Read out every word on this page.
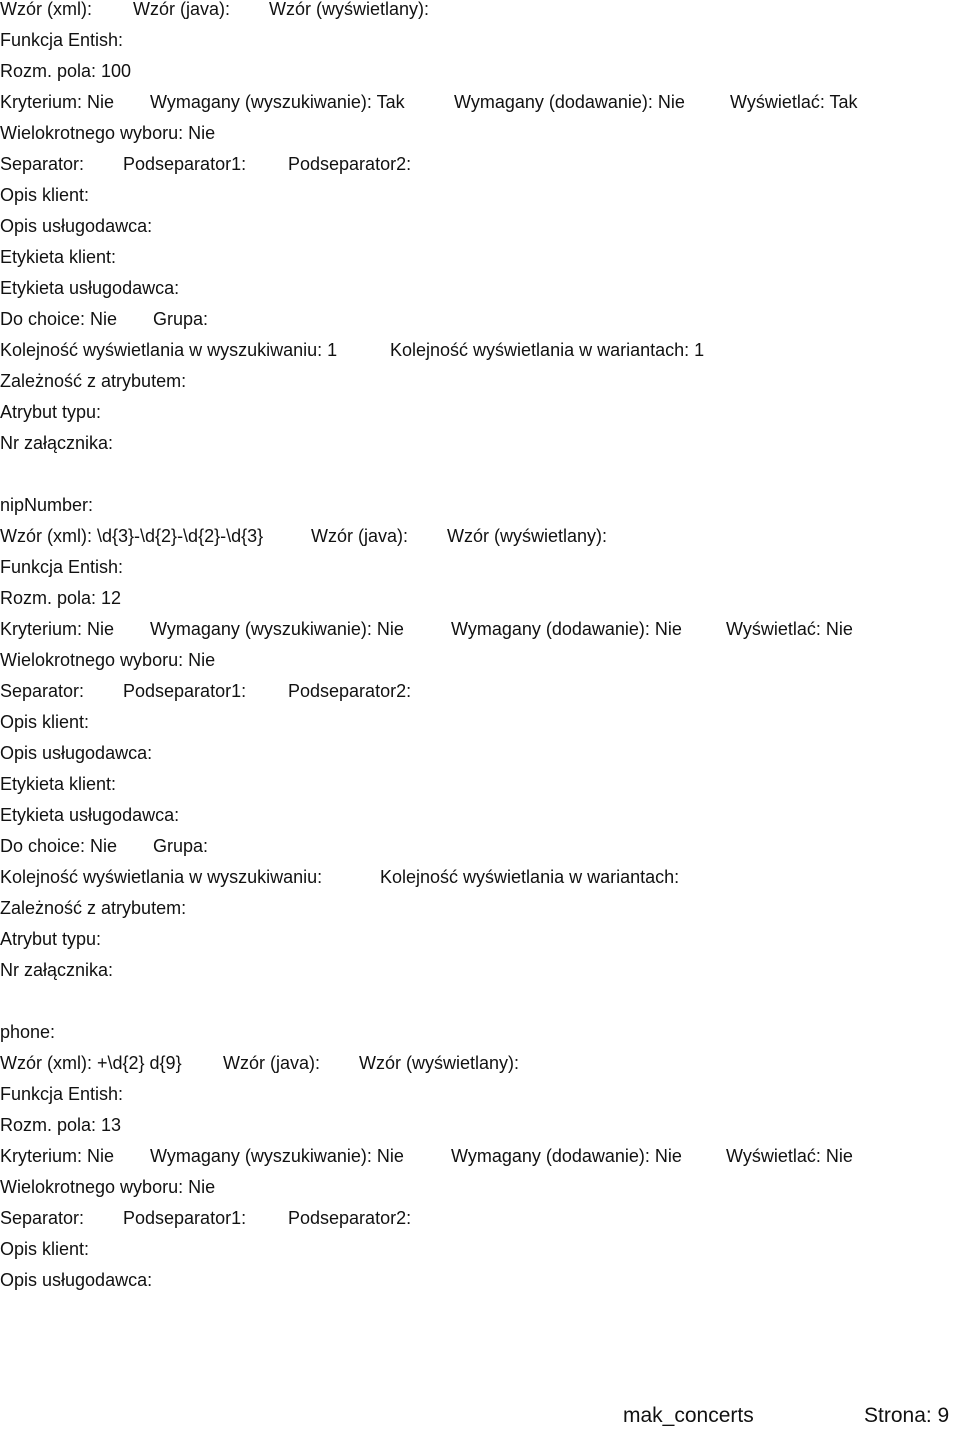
Wzór (xml): Wzór (java): Wzór (wyświetlany):
Funkcja Entish:
Rozm. pola: 100
Kryterium: Nie Wymagany (wyszukiwanie): Tak	Wymagany (dodawanie): Nie	Wyświetlać: Tak
Wielokrotnego wyboru: Nie
Separator: Podseparator1: Podseparator2:
Opis klient:
Opis usługodawca:
Etykieta klient:
Etykieta usługodawca:
Do choice: Nie Grupa:
Kolejność wyświetlania w wyszukiwaniu: 1	Kolejność wyświetlania w wariantach: 1
Zależność z atrybutem:
Atrybut typu:
Nr załącznika:
nipNumber:
Wzór (xml): \d{3}-\d{2}-\d{2}-\d{3}	Wzór (java): Wzór (wyświetlany):
Funkcja Entish:
Rozm. pola: 12
Kryterium: Nie Wymagany (wyszukiwanie): Nie	Wymagany (dodawanie): Nie Wyświetlać: Nie
Wielokrotnego wyboru: Nie
Separator: Podseparator1: Podseparator2:
Opis klient:
Opis usługodawca:
Etykieta klient:
Etykieta usługodawca:
Do choice: Nie Grupa:
Kolejność wyświetlania w wyszukiwaniu:	Kolejność wyświetlania w wariantach:
Zależność z atrybutem:
Atrybut typu:
Nr załącznika:
phone:
Wzór (xml): +\d{2} d{9} Wzór (java): Wzór (wyświetlany):
Funkcja Entish:
Rozm. pola: 13
Kryterium: Nie Wymagany (wyszukiwanie): Nie	Wymagany (dodawanie): Nie Wyświetlać: Nie
Wielokrotnego wyboru: Nie
Separator: Podseparator1: Podseparator2:
Opis klient:
Opis usługodawca:
mak_concerts	Strona: 9
